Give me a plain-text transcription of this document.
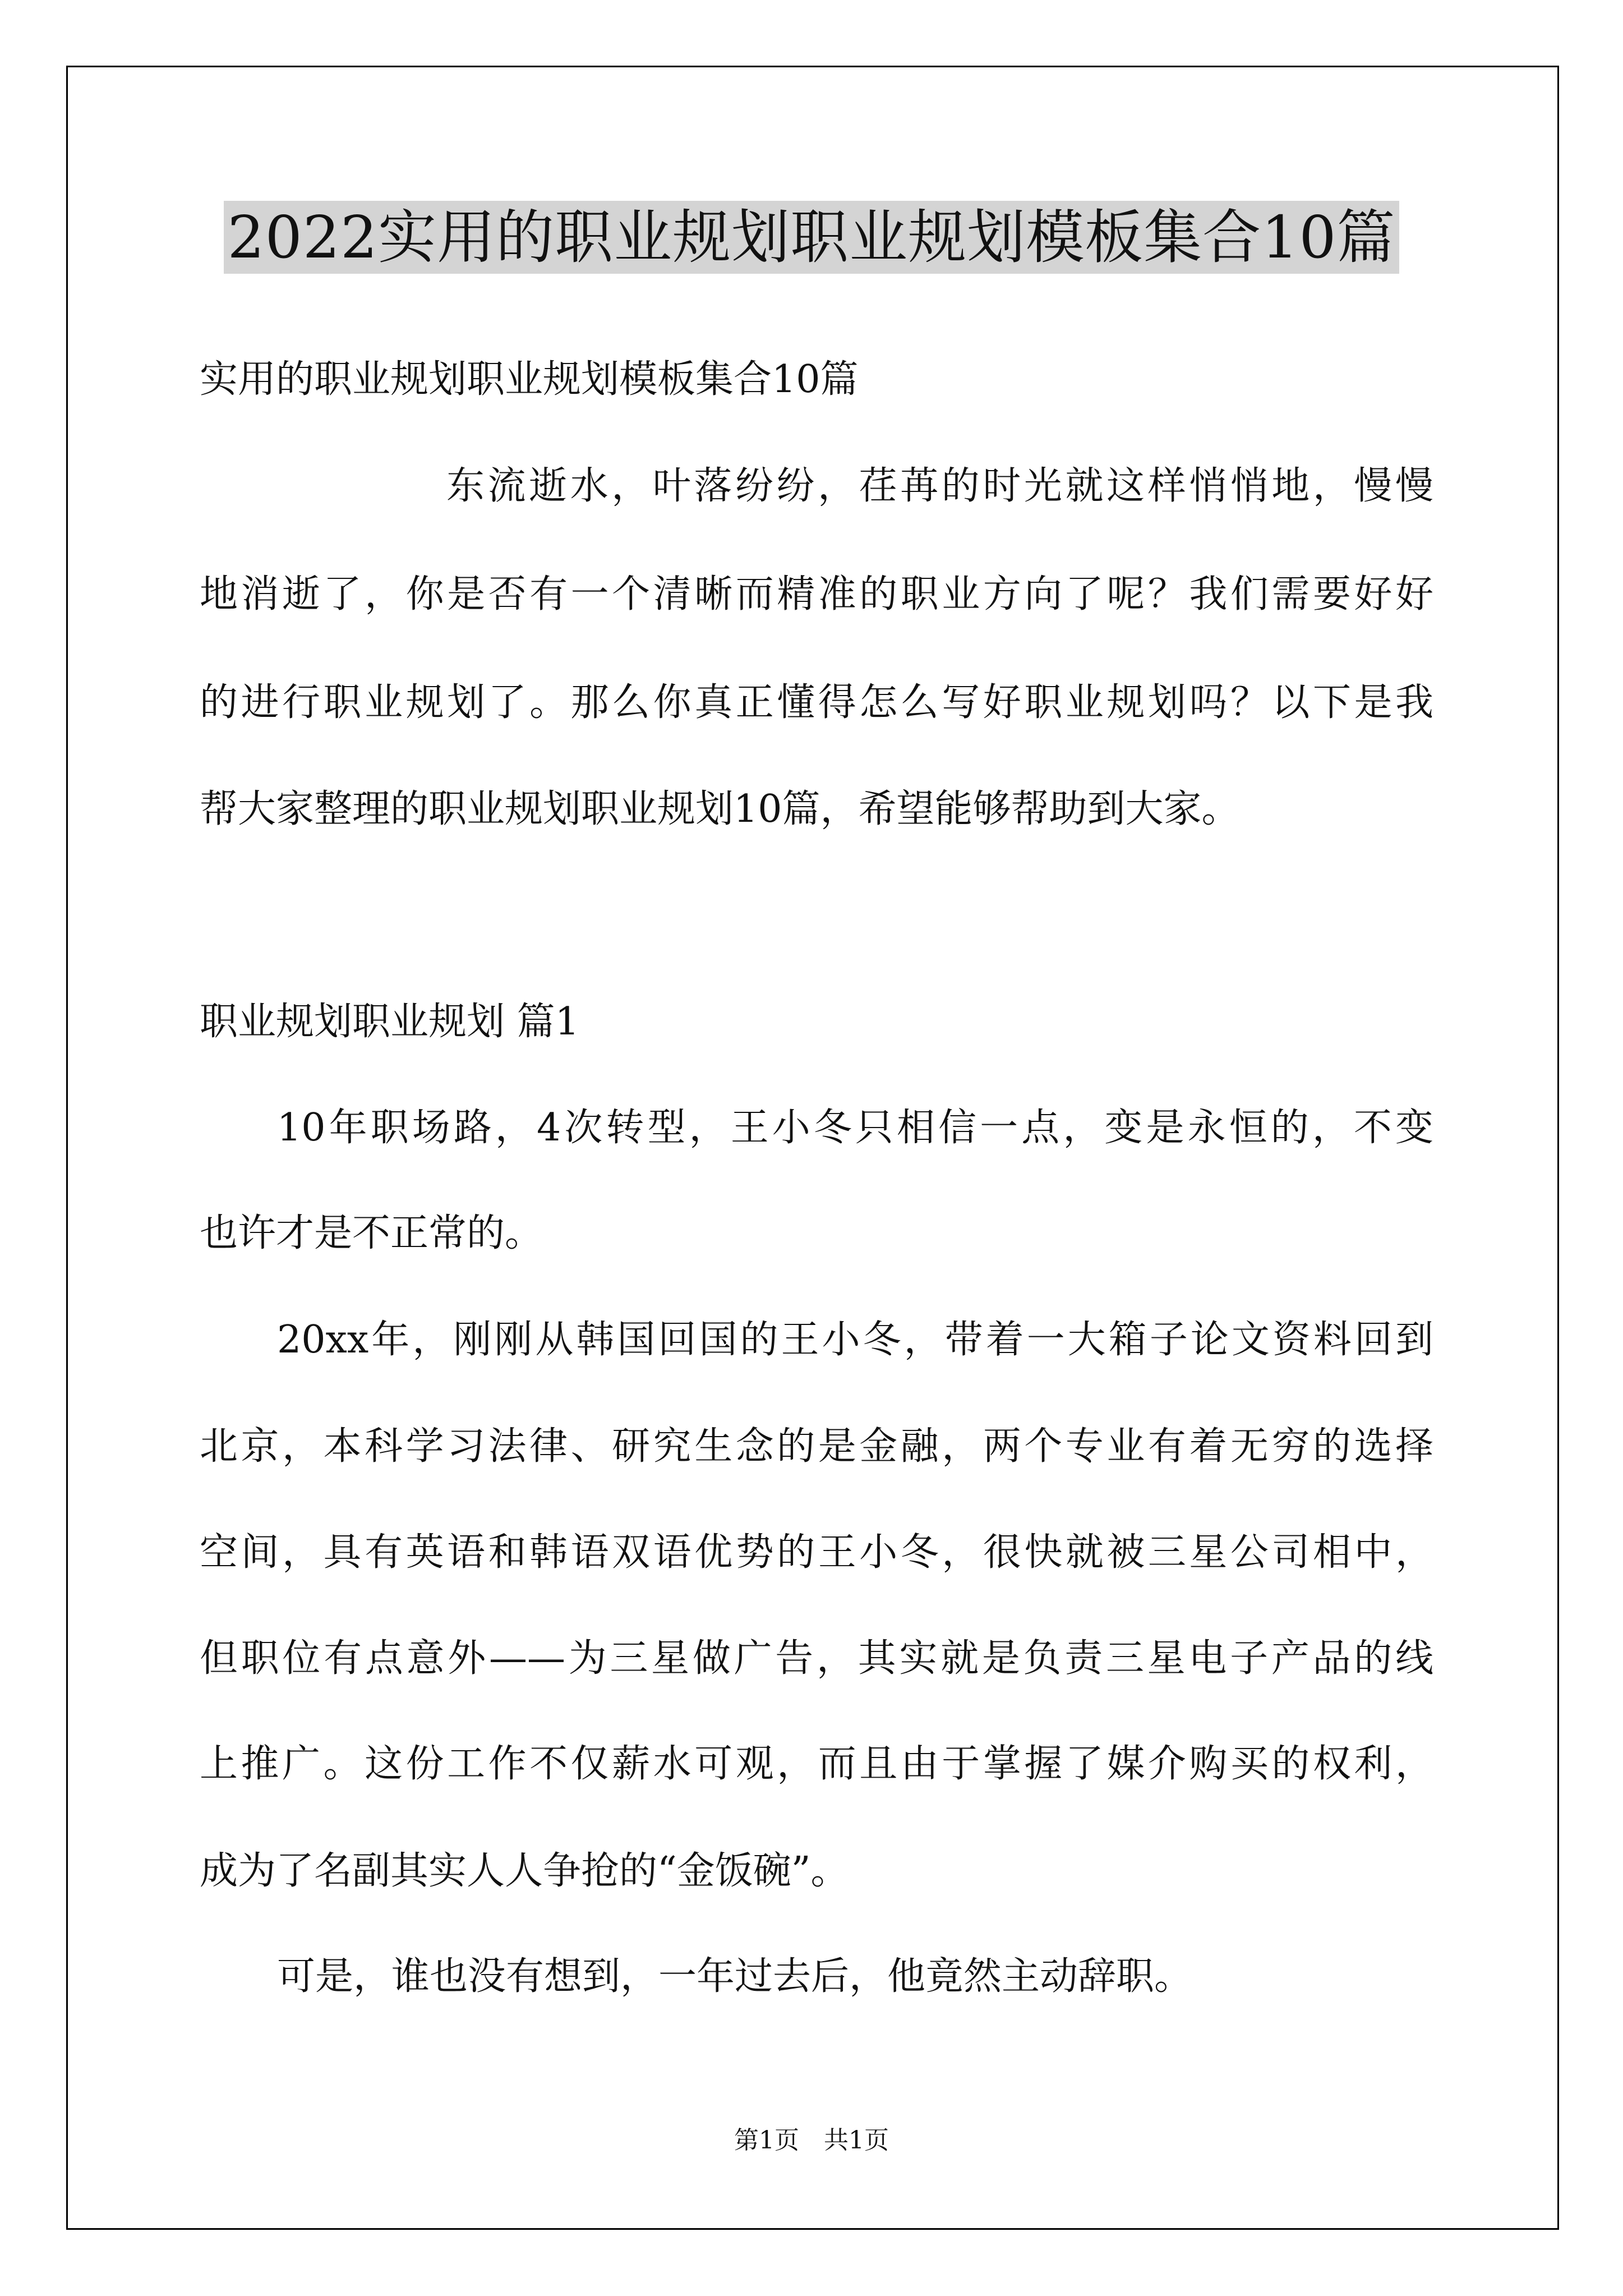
2022实用的职业规划职业规划模板集合10篇
实用的职业规划职业规划模板集合10篇
东流逝水，叶落纷纷，荏苒的时光就这样悄悄地，慢慢
地消逝了，你是否有一个清晰而精准的职业方向了呢？我们需要好好
的进行职业规划了。那么你真正懂得怎么写好职业规划吗？以下是我
帮大家整理的职业规划职业规划10篇，希望能够帮助到大家。
职业规划职业规划 篇1
10年职场路，4次转型，王小冬只相信一点，变是永恒的，不变
也许才是不正常的。
20xx年，刚刚从韩国回国的王小冬，带着一大箱子论文资料回到
北京，本科学习法律、研究生念的是金融，两个专业有着无穷的选择
空间，具有英语和韩语双语优势的王小冬，很快就被三星公司相中，
但职位有点意外——为三星做广告，其实就是负责三星电子产品的线
上推广。这份工作不仅薪水可观，而且由于掌握了媒介购买的权利，
成为了名副其实人人争抢的“金饭碗”。
可是，谁也没有想到，一年过去后，他竟然主动辞职。
第1页　共1页
